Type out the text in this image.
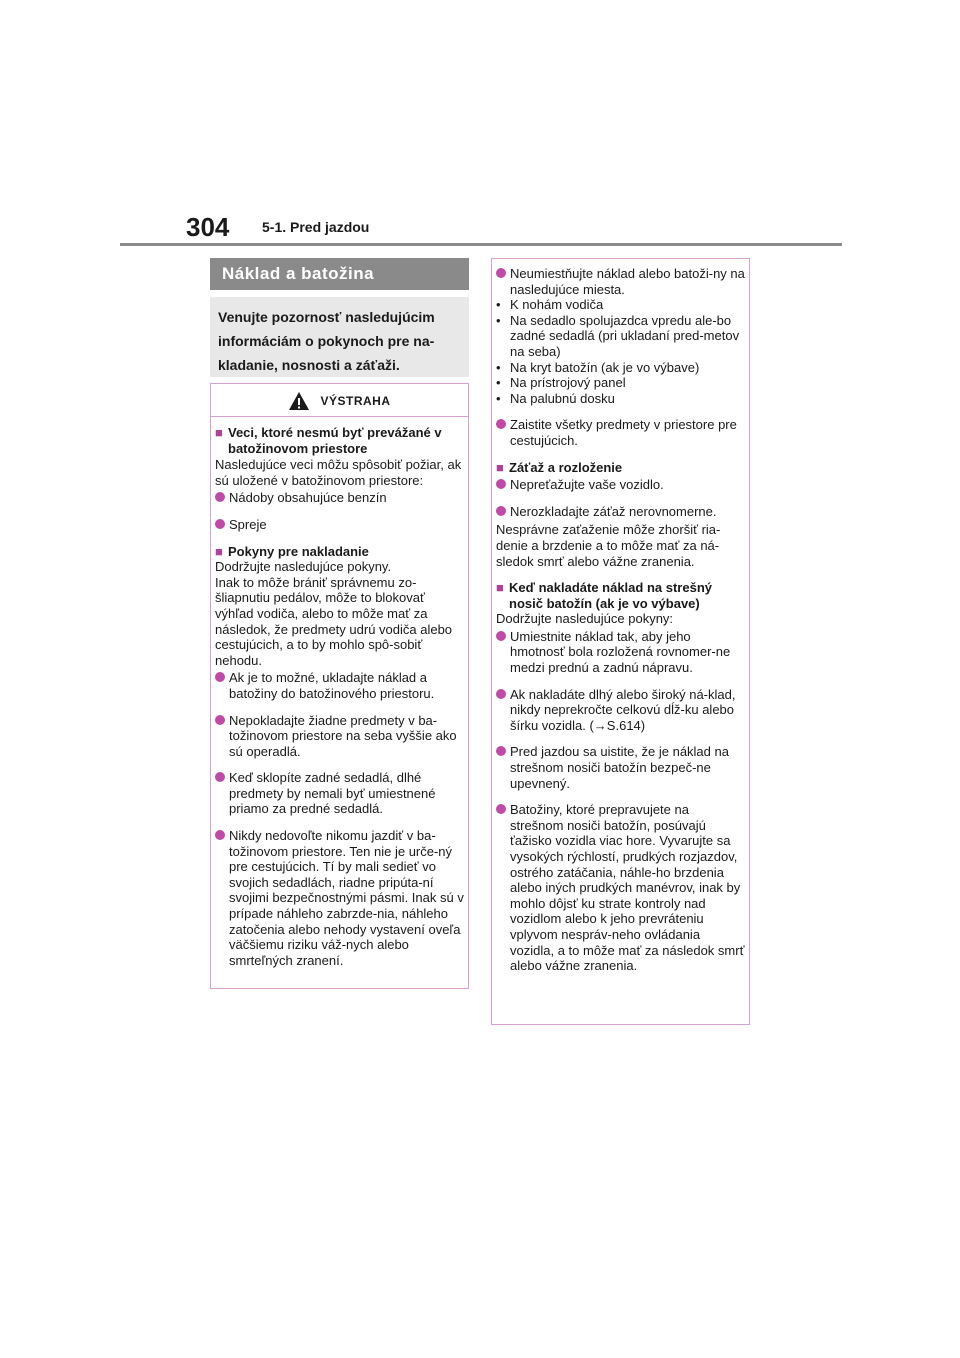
304 5-1. Pred jazdou
Náklad a batožina
Venujte pozornosť nasledujúcim informáciám o pokynoch pre na-kladanie, nosnosti a záťaži.
VÝSTRAHA
■ Veci, ktoré nesmú byť prevážané v batožinovom priestore
Nasledujúce veci môžu spôsobiť požiar, ak sú uložené v batožinovom priestore:
Nádoby obsahujúce benzín
Spreje
■ Pokyny pre nakladanie
Dodržujte nasledujúce pokyny.
Inak to môže brániť správnemu zo-šliapnutiu pedálov, môže to blokovať výhľad vodiča, alebo to môže mať za následok, že predmety udrú vodiča alebo cestujúcich, a to by mohlo spô-sobiť nehodu.
Ak je to možné, ukladajte náklad a batožiny do batožinového priestoru.
Nepokladajte žiadne predmety v ba-tožinovom priestore na seba vyššie ako sú operadlá.
Keď sklopíte zadné sedadlá, dlhé predmety by nemali byť umiestnené priamo za predné sedadlá.
Nikdy nedovoľte nikomu jazdiť v ba-tožinovom priestore. Ten nie je urče-ný pre cestujúcich. Tí by mali sedieť vo svojich sedadlách, riadne pripúta-ní svojimi bezpečnostnými pásmi. Inak sú v prípade náhleho zabrzde-nia, náhleho zatočenia alebo nehody vystavení oveľa väčšiemu riziku váž-nych alebo smrteľných zranení.
Neumiestňujte náklad alebo batoži-ny na nasledujúce miesta.
• K nohám vodiča
• Na sedadlo spolujazdca vpredu ale-bo zadné sedadlá (pri ukladaní pred-metov na seba)
• Na kryt batožín (ak je vo výbave)
• Na prístrojový panel
• Na palubnú dosku
Zaistite všetky predmety v priestore pre cestujúcich.
■ Záťaž a rozloženie
Nepreťažujte vaše vozidlo.
Nerozkladajte záťaž nerovnomerne.
Nesprávne zaťaženie môže zhoršiť ria-denie a brzdenie a to môže mať za ná-sledok smrť alebo vážne zranenia.
■ Keď nakladáte náklad na strešný nosič batožín (ak je vo výbave)
Dodržujte nasledujúce pokyny:
Umiestnite náklad tak, aby jeho hmotnosť bola rozložená rovnomer-ne medzi prednú a zadnú nápravu.
Ak nakladáte dlhý alebo široký ná-klad, nikdy neprekročte celkovú dĺž-ku alebo šírku vozidla. (→S.614)
Pred jazdou sa uistite, že je náklad na strešnom nosiči batožín bezpeč-ne upevnený.
Batožiny, ktoré prepravujete na strešnom nosiči batožín, posúvajú ťažisko vozidla viac hore. Vyvarujte sa vysokých rýchlostí, prudkých rozjazdov, ostrého zatáčania, náhle-ho brzdenia alebo iných prudkých manévrov, inak by mohlo dôjsť ku strate kontroly nad vozidlom alebo k jeho prevráteniu vplyvom nespráv-neho ovládania vozidla, a to môže mať za následok smrť alebo vážne zranenia.
